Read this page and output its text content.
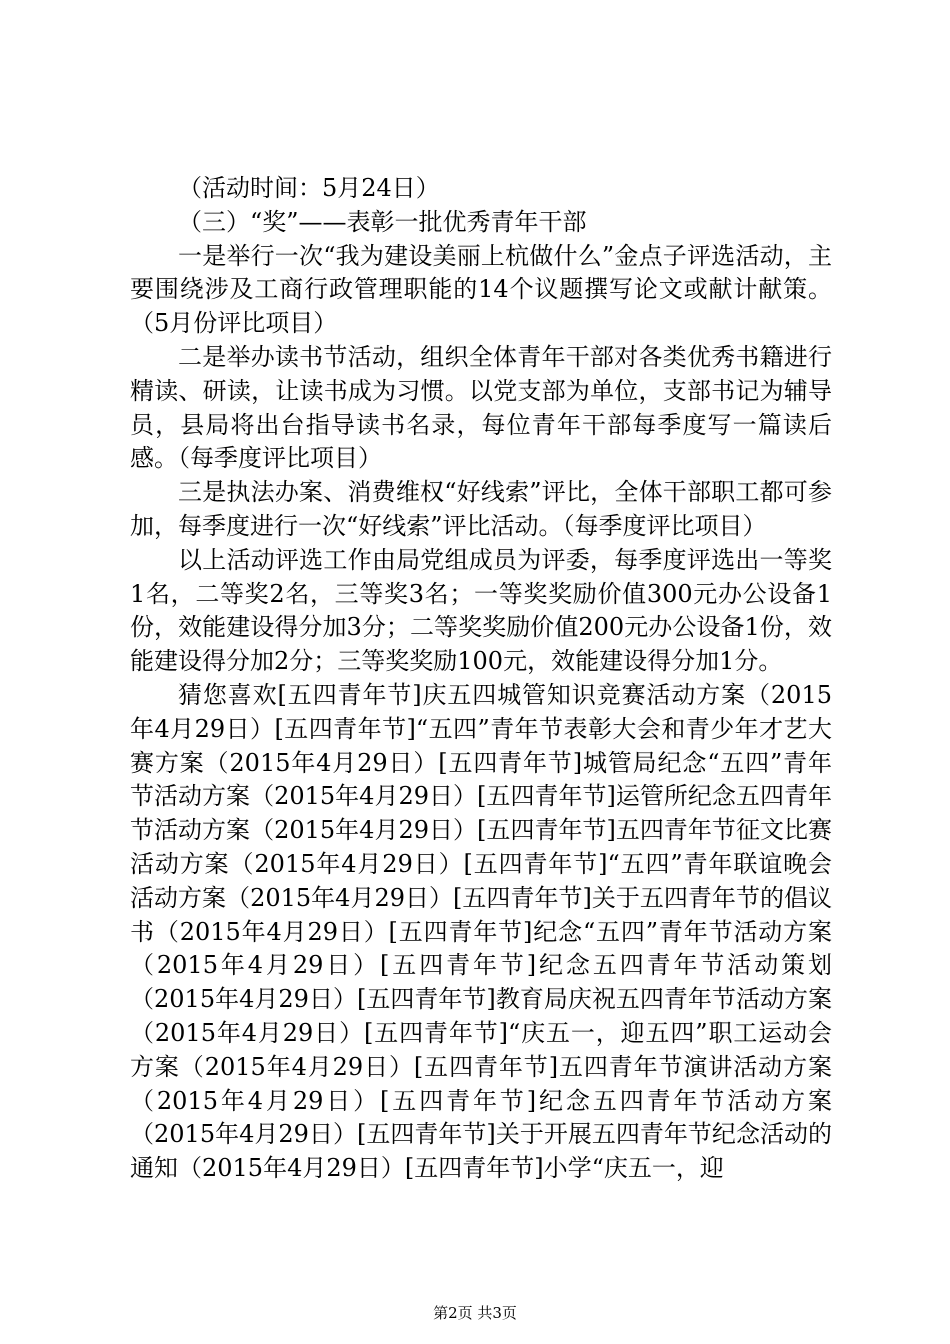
（活动时间：5月24日）

（三）“奖”——表彰一批优秀青年干部

一是举行一次“我为建设美丽上杭做什么”金点子评选活动，主要围绕涉及工商行政管理职能的14个议题撰写论文或献计献策。（5月份评比项目）

二是举办读书节活动，组织全体青年干部对各类优秀书籍进行精读、研读，让读书成为习惯。以党支部为单位，支部书记为辅导员，县局将出台指导读书名录，每位青年干部每季度写一篇读后感。（每季度评比项目）

三是执法办案、消费维权“好线索”评比，全体干部职工都可参加，每季度进行一次“好线索”评比活动。（每季度评比项目）

以上活动评选工作由局党组成员为评委，每季度评选出一等奖1名，二等奖2名，三等奖3名；一等奖奖励价值300元办公设备1份，效能建设得分加3分；二等奖奖励价值200元办公设备1份，效能建设得分加2分；三等奖奖励100元，效能建设得分加1分。

猜您喜欢[五四青年节]庆五四城管知识竞赛活动方案（2015年4月29日）[五四青年节]“五四”青年节表彰大会和青少年才艺大赛方案（2015年4月29日）[五四青年节]城管局纪念“五四”青年节活动方案（2015年4月29日）[五四青年节]运管所纪念五四青年节活动方案（2015年4月29日）[五四青年节]五四青年节征文比赛活动方案（2015年4月29日）[五四青年节]“五四”青年联谊晚会活动方案（2015年4月29日）[五四青年节]关于五四青年节的倡议书（2015年4月29日）[五四青年节]纪念“五四”青年节活动方案（2015年4月29日）[五四青年节]纪念五四青年节活动策划（2015年4月29日）[五四青年节]教育局庆祝五四青年节活动方案（2015年4月29日）[五四青年节]“庆五一，迎五四”职工运动会方案（2015年4月29日）[五四青年节]五四青年节演讲活动方案（2015年4月29日）[五四青年节]纪念五四青年节活动方案（2015年4月29日）[五四青年节]关于开展五四青年节纪念活动的通知（2015年4月29日）[五四青年节]小学“庆五一，迎

第2页 共3页
